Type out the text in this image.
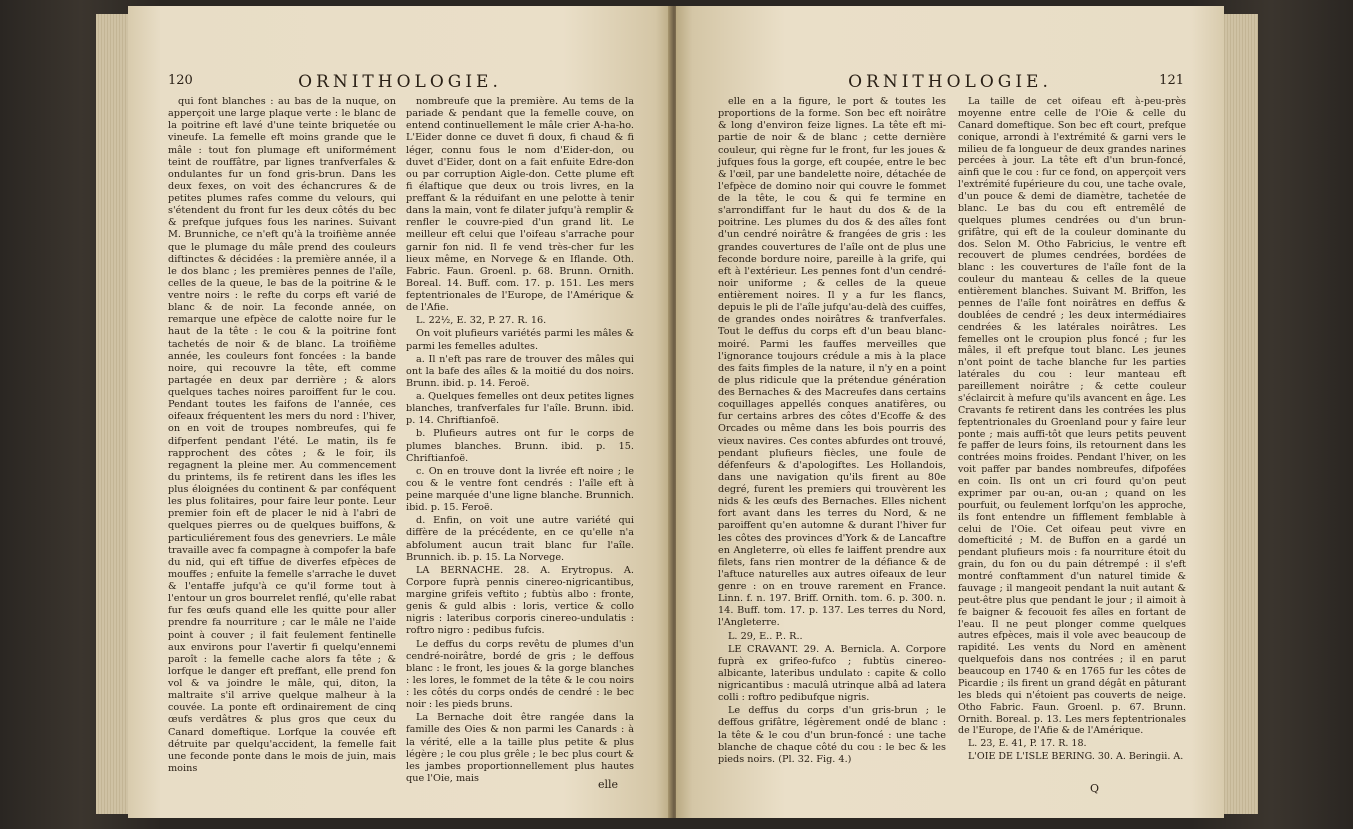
120	ORNITHOLOGIE.

qui font blanches : au bas de la nuque, on apperçoit une large plaque verte : le blanc de la poitrine eft lavé d'une teinte briquetée ou vineufe. La femelle eft moins grande que le mâle : tout fon plumage eft uniformément teint de rouffâtre, par lignes tranfverfales & ondulantes fur un fond gris-brun. Dans les deux fexes, on voit des échancrures & de petites plumes rafes comme du velours, qui s'étendent du front fur les deux côtés du bec & prefque jufques fous les narines. Suivant M. Brunniche, ce n'eft qu'à la troifième année que le plumage du mâle prend des couleurs diftinctes & décidées : la première année, il a le dos blanc ; les premières pennes de l'aîle, celles de la queue, le bas de la poitrine & le ventre noirs : le refte du corps eft varié de blanc & de noir. La feconde année, on remarque une efpèce de calotte noire fur le haut de la tête : le cou & la poitrine font tachetés de noir & de blanc. La troifième année, les couleurs font foncées : la bande noire, qui recouvre la tête, eft comme partagée en deux par derrière ; & alors quelques taches noires paroiffent fur le cou. Pendant toutes les faifons de l'année, ces oifeaux fréquentent les mers du nord : l'hiver, on en voit de troupes nombreufes, qui fe difperfent pendant l'été. Le matin, ils fe rapprochent des côtes ; & le foir, ils regagnent la pleine mer. Au commencement du printems, ils fe retirent dans les ifles les plus éloignées du continent & par conféquent les plus folitaires, pour faire leur ponte. Leur premier foin eft de placer le nid à l'abri de quelques pierres ou de quelques buiffons, & particuliérement fous des genevriers. Le mâle travaille avec fa compagne à compofer la bafe du nid, qui eft tiffue de diverfes efpèces de mouffes ; enfuite la femelle s'arrache le duvet & l'entaffe jufqu'à ce qu'il forme tout à l'entour un gros bourrelet renflé, qu'elle rabat fur fes œufs quand elle les quitte pour aller prendre fa nourriture ; car le mâle ne l'aide point à couver ; il fait feulement fentinelle aux environs pour l'avertir fi quelqu'ennemi paroît : la femelle cache alors fa tête ; & lorfque le danger eft preffant, elle prend fon vol & va joindre le mâle, qui, diton, la maltraite s'il arrive quelque malheur à la couvée. La ponte eft ordinairement de cinq œufs verdâtres & plus gros que ceux du Canard domeftique. Lorfque la couvée eft détruite par quelqu'accident, la femelle fait une feconde ponte dans le mois de juin, mais moins

nombreufe que la première. Au tems de la pariade & pendant que la femelle couve, on entend continuellement le mâle crier A-ha-ho. L'Eider donne ce duvet fi doux, fi chaud & fi léger, connu fous le nom d'Eider-don, ou duvet d'Eider, dont on a fait enfuite Edre-don ou par corruption Aigle-don. Cette plume eft fi élaftique que deux ou trois livres, en la preffant & la réduifant en une pelotte à tenir dans la main, vont fe dilater jufqu'à remplir & renfler le couvre-pied d'un grand lit. Le meilleur eft celui que l'oifeau s'arrache pour garnir fon nid. Il fe vend très-cher fur les lieux même, en Norvege & en Iflande. Oth. Fabric. Faun. Groenl. p. 68. Brunn. Ornith. Boreal. 14. Buff. com. 17. p. 151. Les mers feptentrionales de l'Europe, de l'Amérique & de l'Afie.

L. 22½, E. 32, P. 27. R. 16.

On voit plufieurs variétés parmi les mâles & parmi les femelles adultes.

a. Il n'eft pas rare de trouver des mâles qui ont la bafe des aîles & la moitié du dos noirs. Brunn. ibid. p. 14. Feroë.

a. Quelques femelles ont deux petites lignes blanches, tranfverfales fur l'aîle. Brunn. ibid. p. 14. Chriftianfoë.

b. Plufieurs autres ont fur le corps de plumes blanches. Brunn. ibid. p. 15. Chriftianfoë.

c. On en trouve dont la livrée eft noire ; le cou & le ventre font cendrés : l'aîle eft à peine marquée d'une ligne blanche. Brunnich. ibid. p. 15. Feroë.

d. Enfin, on voit une autre variété qui diffère de la précédente, en ce qu'elle n'a abfolument aucun trait blanc fur l'aîle. Brunnich. ib. p. 15. La Norvege.

LA BERNACHE. 28. A. Erytropus. A. Corpore fuprà pennis cinereo-nigricantibus, margine grifeis veftito ; fubtùs albo : fronte, genis & guld albis : loris, vertice & collo nigris : lateribus corporis cinereo-undulatis : roftro nigro : pedibus fufcis.

Le deffus du corps revêtu de plumes d'un cendré-noirâtre, bordé de gris ; le deffous blanc : le front, les joues & la gorge blanches : les lores, le fommet de la tête & le cou noirs : les côtés du corps ondés de cendré : le bec noir : les pieds bruns.

La Bernache doit être rangée dans la famille des Oies & non parmi les Canards : à la vérité, elle a la taille plus petite & plus légère ; le cou plus grêle ; le bec plus court & les jambes proportionnellement plus hautes que l'Oie, mais	elle
ORNITHOLOGIE.	121

elle en a la figure, le port & toutes les proportions de la forme. Son bec eft noirâtre & long d'environ feize lignes. La tête eft mi-partie de noir & de blanc ; cette dernière couleur, qui règne fur le front, fur les joues & jufques fous la gorge, eft coupée, entre le bec & l'œil, par une bandelette noire, détachée de l'efpèce de domino noir qui couvre le fommet de la tête, le cou & qui fe termine en s'arrondiffant fur le haut du dos & de la poitrine. Les plumes du dos & des aîles font d'un cendré noirâtre & frangées de gris : les grandes couvertures de l'aîle ont de plus une feconde bordure noire, pareille à la grife, qui eft à l'extérieur. Les pennes font d'un cendré-noir uniforme ; & celles de la queue entièrement noires. Il y a fur les flancs, depuis le pli de l'aîle jufqu'au-delà des cuiffes, de grandes ondes noirâtres & tranfverfales. Tout le deffus du corps eft d'un beau blanc-moiré. Parmi les fauffes merveilles que l'ignorance toujours crédule a mis à la place des faits fimples de la nature, il n'y en a point de plus ridicule que la prétendue génération des Bernaches & des Macreufes dans certains coquillages appellés conques anatifères, ou fur certains arbres des côtes d'Ecoffe & des Orcades ou même dans les bois pourris des vieux navires. Ces contes abfurdes ont trouvé, pendant plufieurs fiècles, une foule de défenfeurs & d'apologiftes. Les Hollandois, dans une navigation qu'ils firent au 80e degré, furent les premiers qui trouvèrent les nids & les œufs des Bernaches. Elles nichent fort avant dans les terres du Nord, & ne paroiffent qu'en automne & durant l'hiver fur les côtes des provinces d'York & de Lancaftre en Angleterre, où elles fe laiffent prendre aux filets, fans rien montrer de la défiance & de l'aftuce naturelles aux autres oifeaux de leur genre : on en trouve rarement en France. Linn. f. n. 197. Briff. Ornith. tom. 6. p. 300. n. 14. Buff. tom. 17. p. 137. Les terres du Nord, l'Angleterre.

L. 29, E.. P.. R..

LE CRAVANT. 29. A. Bernicla. A. Corpore fuprà ex grifeo-fufco ; fubtùs cinereo-albicante, lateribus undulato : capite & collo nigricantibus : maculâ utrinque albâ ad latera colli : roftro pedibufque nigris.

Le deffus du corps d'un gris-brun ; le deffous grifâtre, légèrement ondé de blanc : la tête & le cou d'un brun-foncé : une tache blanche de chaque côté du cou : le bec & les pieds noirs. (Pl. 32. Fig. 4.)

La taille de cet oifeau eft à-peu-près moyenne entre celle de l'Oie & celle du Canard domeftique. Son bec eft court, prefque conique, arrondi à l'extrémité & garni vers le milieu de fa longueur de deux grandes narines percées à jour. La tête eft d'un brun-foncé, ainfi que le cou : fur ce fond, on apperçoit vers l'extrémité fupérieure du cou, une tache ovale, d'un pouce & demi de diamètre, tachetée de blanc. Le bas du cou eft entremêlé de quelques plumes cendrées ou d'un brun-grifâtre, qui eft de la couleur dominante du dos. Selon M. Otho Fabricius, le ventre eft recouvert de plumes cendrées, bordées de blanc : les couvertures de l'aîle font de la couleur du manteau & celles de la queue entièrement blanches. Suivant M. Briffon, les pennes de l'aîle font noirâtres en deffus & doublées de cendré ; les deux intermédiaires cendrées & les latérales noirâtres. Les femelles ont le croupion plus foncé ; fur les mâles, il eft prefque tout blanc. Les jeunes n'ont point de tache blanche fur les parties latérales du cou : leur manteau eft pareillement noirâtre ; & cette couleur s'éclaircit à mefure qu'ils avancent en âge. Les Cravants fe retirent dans les contrées les plus feptentrionales du Groenland pour y faire leur ponte ; mais auffi-tôt que leurs petits peuvent fe paffer de leurs foins, ils retournent dans les contrées moins froides. Pendant l'hiver, on les voit paffer par bandes nombreufes, difpofées en coin. Ils ont un cri fourd qu'on peut exprimer par ou-an, ou-an ; quand on les pourfuit, ou feulement lorfqu'on les approche, ils font entendre un fifflement femblable à celui de l'Oie. Cet oifeau peut vivre en domefticité ; M. de Buffon en a gardé un pendant plufieurs mois : fa nourriture étoit du grain, du fon ou du pain détrempé : il s'eft montré conftamment d'un naturel timide & fauvage ; il mangeoit pendant la nuit autant & peut-être plus que pendant le jour ; il aimoit à fe baigner & fecouoit fes aîles en fortant de l'eau. Il ne peut plonger comme quelques autres efpèces, mais il vole avec beaucoup de rapidité. Les vents du Nord en amènent quelquefois dans nos contrées ; il en parut beaucoup en 1740 & en 1765 fur les côtes de Picardie ; ils firent un grand dégât en pâturant les bleds qui n'étoient pas couverts de neige. Otho Fabric. Faun. Groenl. p. 67. Brunn. Ornith. Boreal. p. 13. Les mers feptentrionales de l'Europe, de l'Afie & de l'Amérique.

L. 23, E. 41, P. 17. R. 18.

L'OIE DE L'ISLE BERING. 30. A. Beringii. A.

Q
